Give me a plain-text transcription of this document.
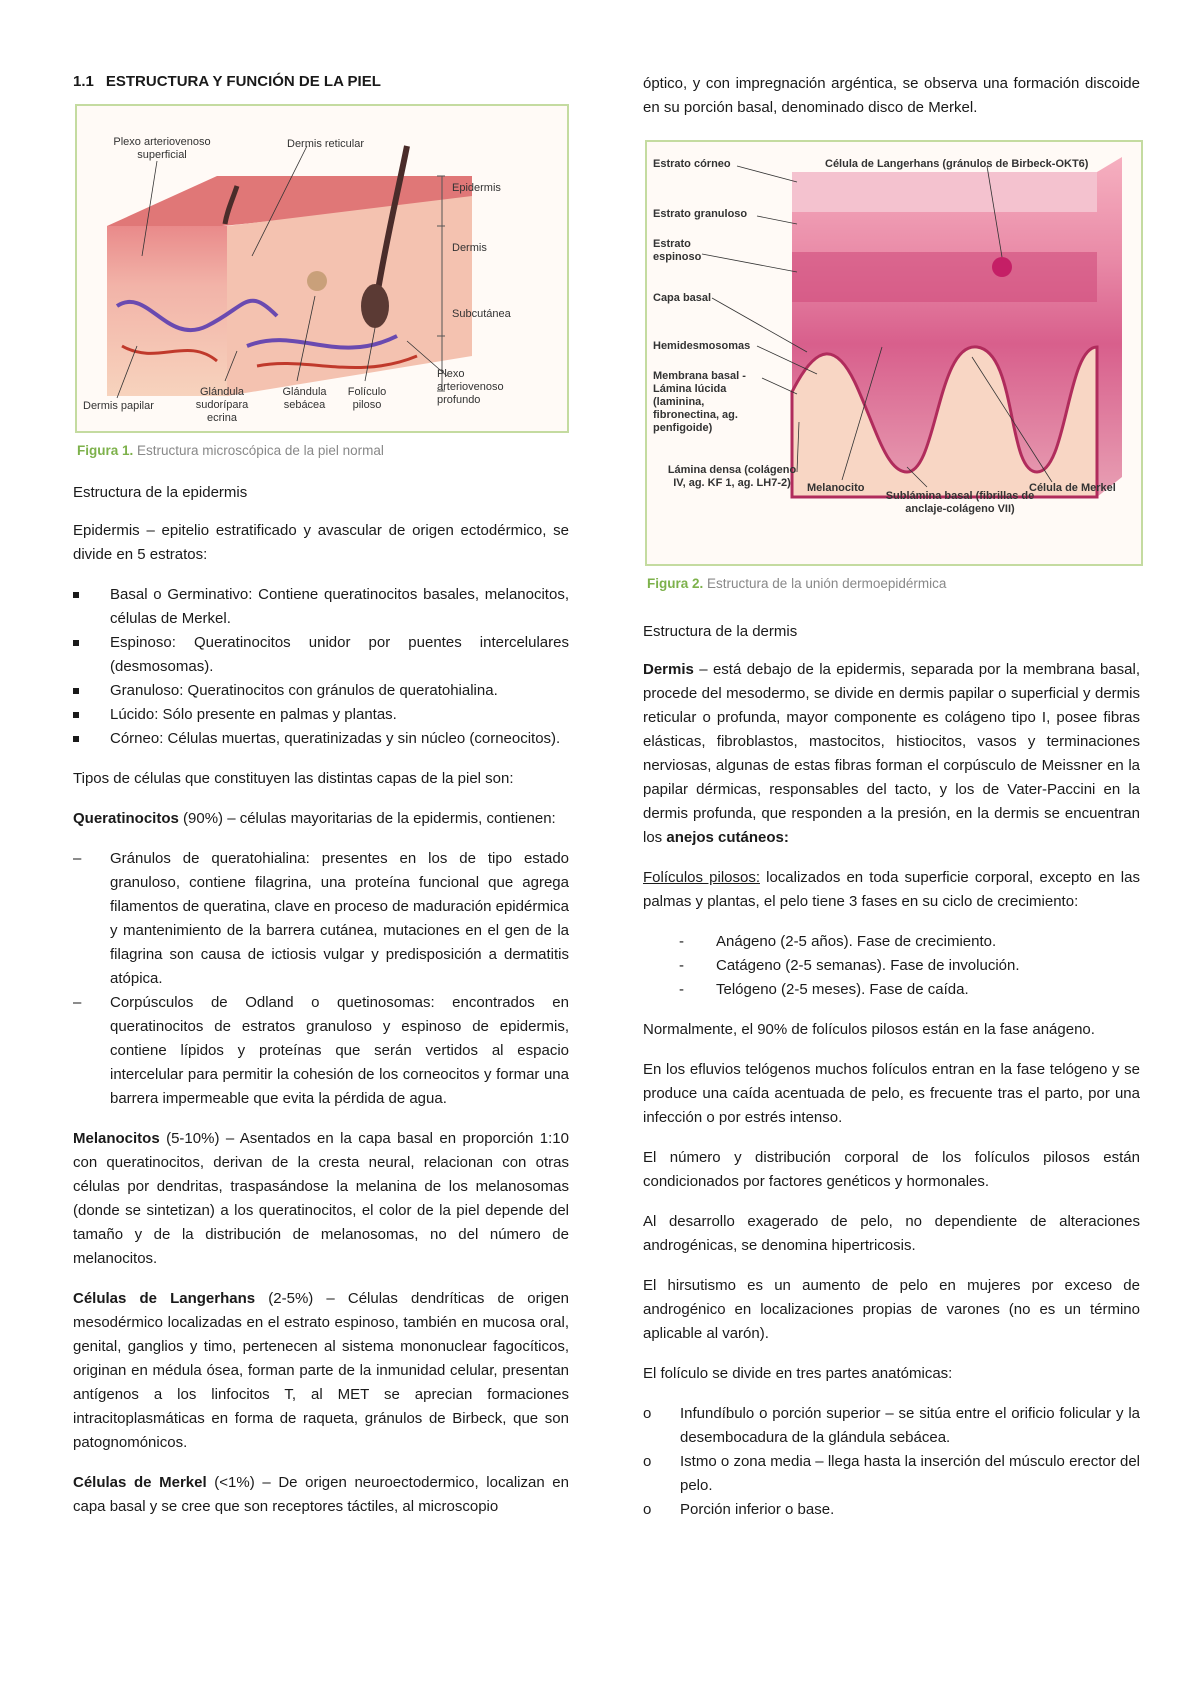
1.1 ESTRUCTURA Y FUNCIÓN DE LA PIEL
Plexo arteriovenoso superficial
Dermis reticular
Epidermis
Dermis
Subcutánea
Plexo arteriovenoso profundo
Dermis papilar
Glándula sudorípara ecrina
Glándula sebácea
Folículo piloso
Figura 1. Estructura microscópica de la piel normal

Estructura de la epidermis

Epidermis – epitelio estratificado y avascular de origen ectodérmico, se divide en 5 estratos:

Basal o Germinativo: Contiene queratinocitos basales, melanocitos, células de Merkel.
Espinoso: Queratinocitos unidor por puentes intercelulares (desmosomas).
Granuloso: Queratinocitos con gránulos de queratohialina.
Lúcido: Sólo presente en palmas y plantas.
Córneo: Células muertas, queratinizadas y sin núcleo (corneocitos).

Tipos de células que constituyen las distintas capas de la piel son:

Queratinocitos (90%) – células mayoritarias de la epidermis, contienen:

–	Gránulos de queratohialina: presentes en los de tipo estado granuloso, contiene filagrina, una proteína funcional que agrega filamentos de queratina, clave en proceso de maduración epidérmica y mantenimiento de la barrera cutánea, mutaciones en el gen de la filagrina son causa de ictiosis vulgar y predisposición a dermatitis atópica.
–	Corpúsculos de Odland o quetinosomas: encontrados en queratinocitos de estratos granuloso y espinoso de epidermis, contiene lípidos y proteínas que serán vertidos al espacio intercelular para permitir la cohesión de los corneocitos y formar una barrera impermeable que evita la pérdida de agua.

Melanocitos (5-10%) – Asentados en la capa basal en proporción 1:10 con queratinocitos, derivan de la cresta neural, relacionan con otras células por dendritas, traspasándose la melanina de los melanosomas (donde se sintetizan) a los queratinocitos, el color de la piel depende del tamaño y de la distribución de melanosomas, no del número de melanocitos.

Células de Langerhans (2-5%) – Células dendríticas de origen mesodérmico localizadas en el estrato espinoso, también en mucosa oral, genital, ganglios y timo, pertenecen al sistema mononuclear fagocíticos, originan en médula ósea, forman parte de la inmunidad celular, presentan antígenos a los linfocitos T, al MET se aprecian formaciones intracitoplasmáticas en forma de raqueta, gránulos de Birbeck, que son patognomónicos.

Células de Merkel (<1%) – De origen neuroectodermico, localizan en capa basal y se cree que son receptores táctiles, al microscopio

óptico, y con impregnación argéntica, se observa una formación discoide en su porción basal, denominado disco de Merkel.

Estrato córneo	Célula de Langerhans (gránulos de Birbeck-OKT6)
Estrato granuloso
Estrato espinoso
Capa basal
Hemidesmosomas
Membrana basal - Lámina lúcida (laminina, fibronectina, ag. penfigoide)
Lámina densa (colágeno IV, ag. KF 1, ag. LH7-2)	Melanocito
Sublámina basal (fibrillas de anclaje-colágeno VII)
Célula de Merkel
Figura 2. Estructura de la unión dermoepidérmica

Estructura de la dermis

Dermis – está debajo de la epidermis, separada por la membrana basal, procede del mesodermo, se divide en dermis papilar o superficial y dermis reticular o profunda, mayor componente es colágeno tipo I, posee fibras elásticas, fibroblastos, mastocitos, histiocitos, vasos y terminaciones nerviosas, algunas de estas fibras forman el corpúsculo de Meissner en la papilar dérmicas, responsables del tacto, y los de Vater-Paccini en la dermis profunda, que responden a la presión, en la dermis se encuentran los anejos cutáneos:

Folículos pilosos: localizados en toda superficie corporal, excepto en las palmas y plantas, el pelo tiene 3 fases en su ciclo de crecimiento:

-	Anágeno (2-5 años). Fase de crecimiento.
-	Catágeno (2-5 semanas). Fase de involución.
-	Telógeno (2-5 meses). Fase de caída.

Normalmente, el 90% de folículos pilosos están en la fase anágeno.

En los efluvios telógenos muchos folículos entran en la fase telógeno y se produce una caída acentuada de pelo, es frecuente tras el parto, por una infección o por estrés intenso.

El número y distribución corporal de los folículos pilosos están condicionados por factores genéticos y hormonales.

Al desarrollo exagerado de pelo, no dependiente de alteraciones androgénicas, se denomina hipertricosis.

El hirsutismo es un aumento de pelo en mujeres por exceso de androgénico en localizaciones propias de varones (no es un término aplicable al varón).

El folículo se divide en tres partes anatómicas:

o	Infundíbulo o porción superior – se sitúa entre el orificio folicular y la desembocadura de la glándula sebácea.
o	Istmo o zona media – llega hasta la inserción del músculo erector del pelo.
o	Porción inferior o base.
